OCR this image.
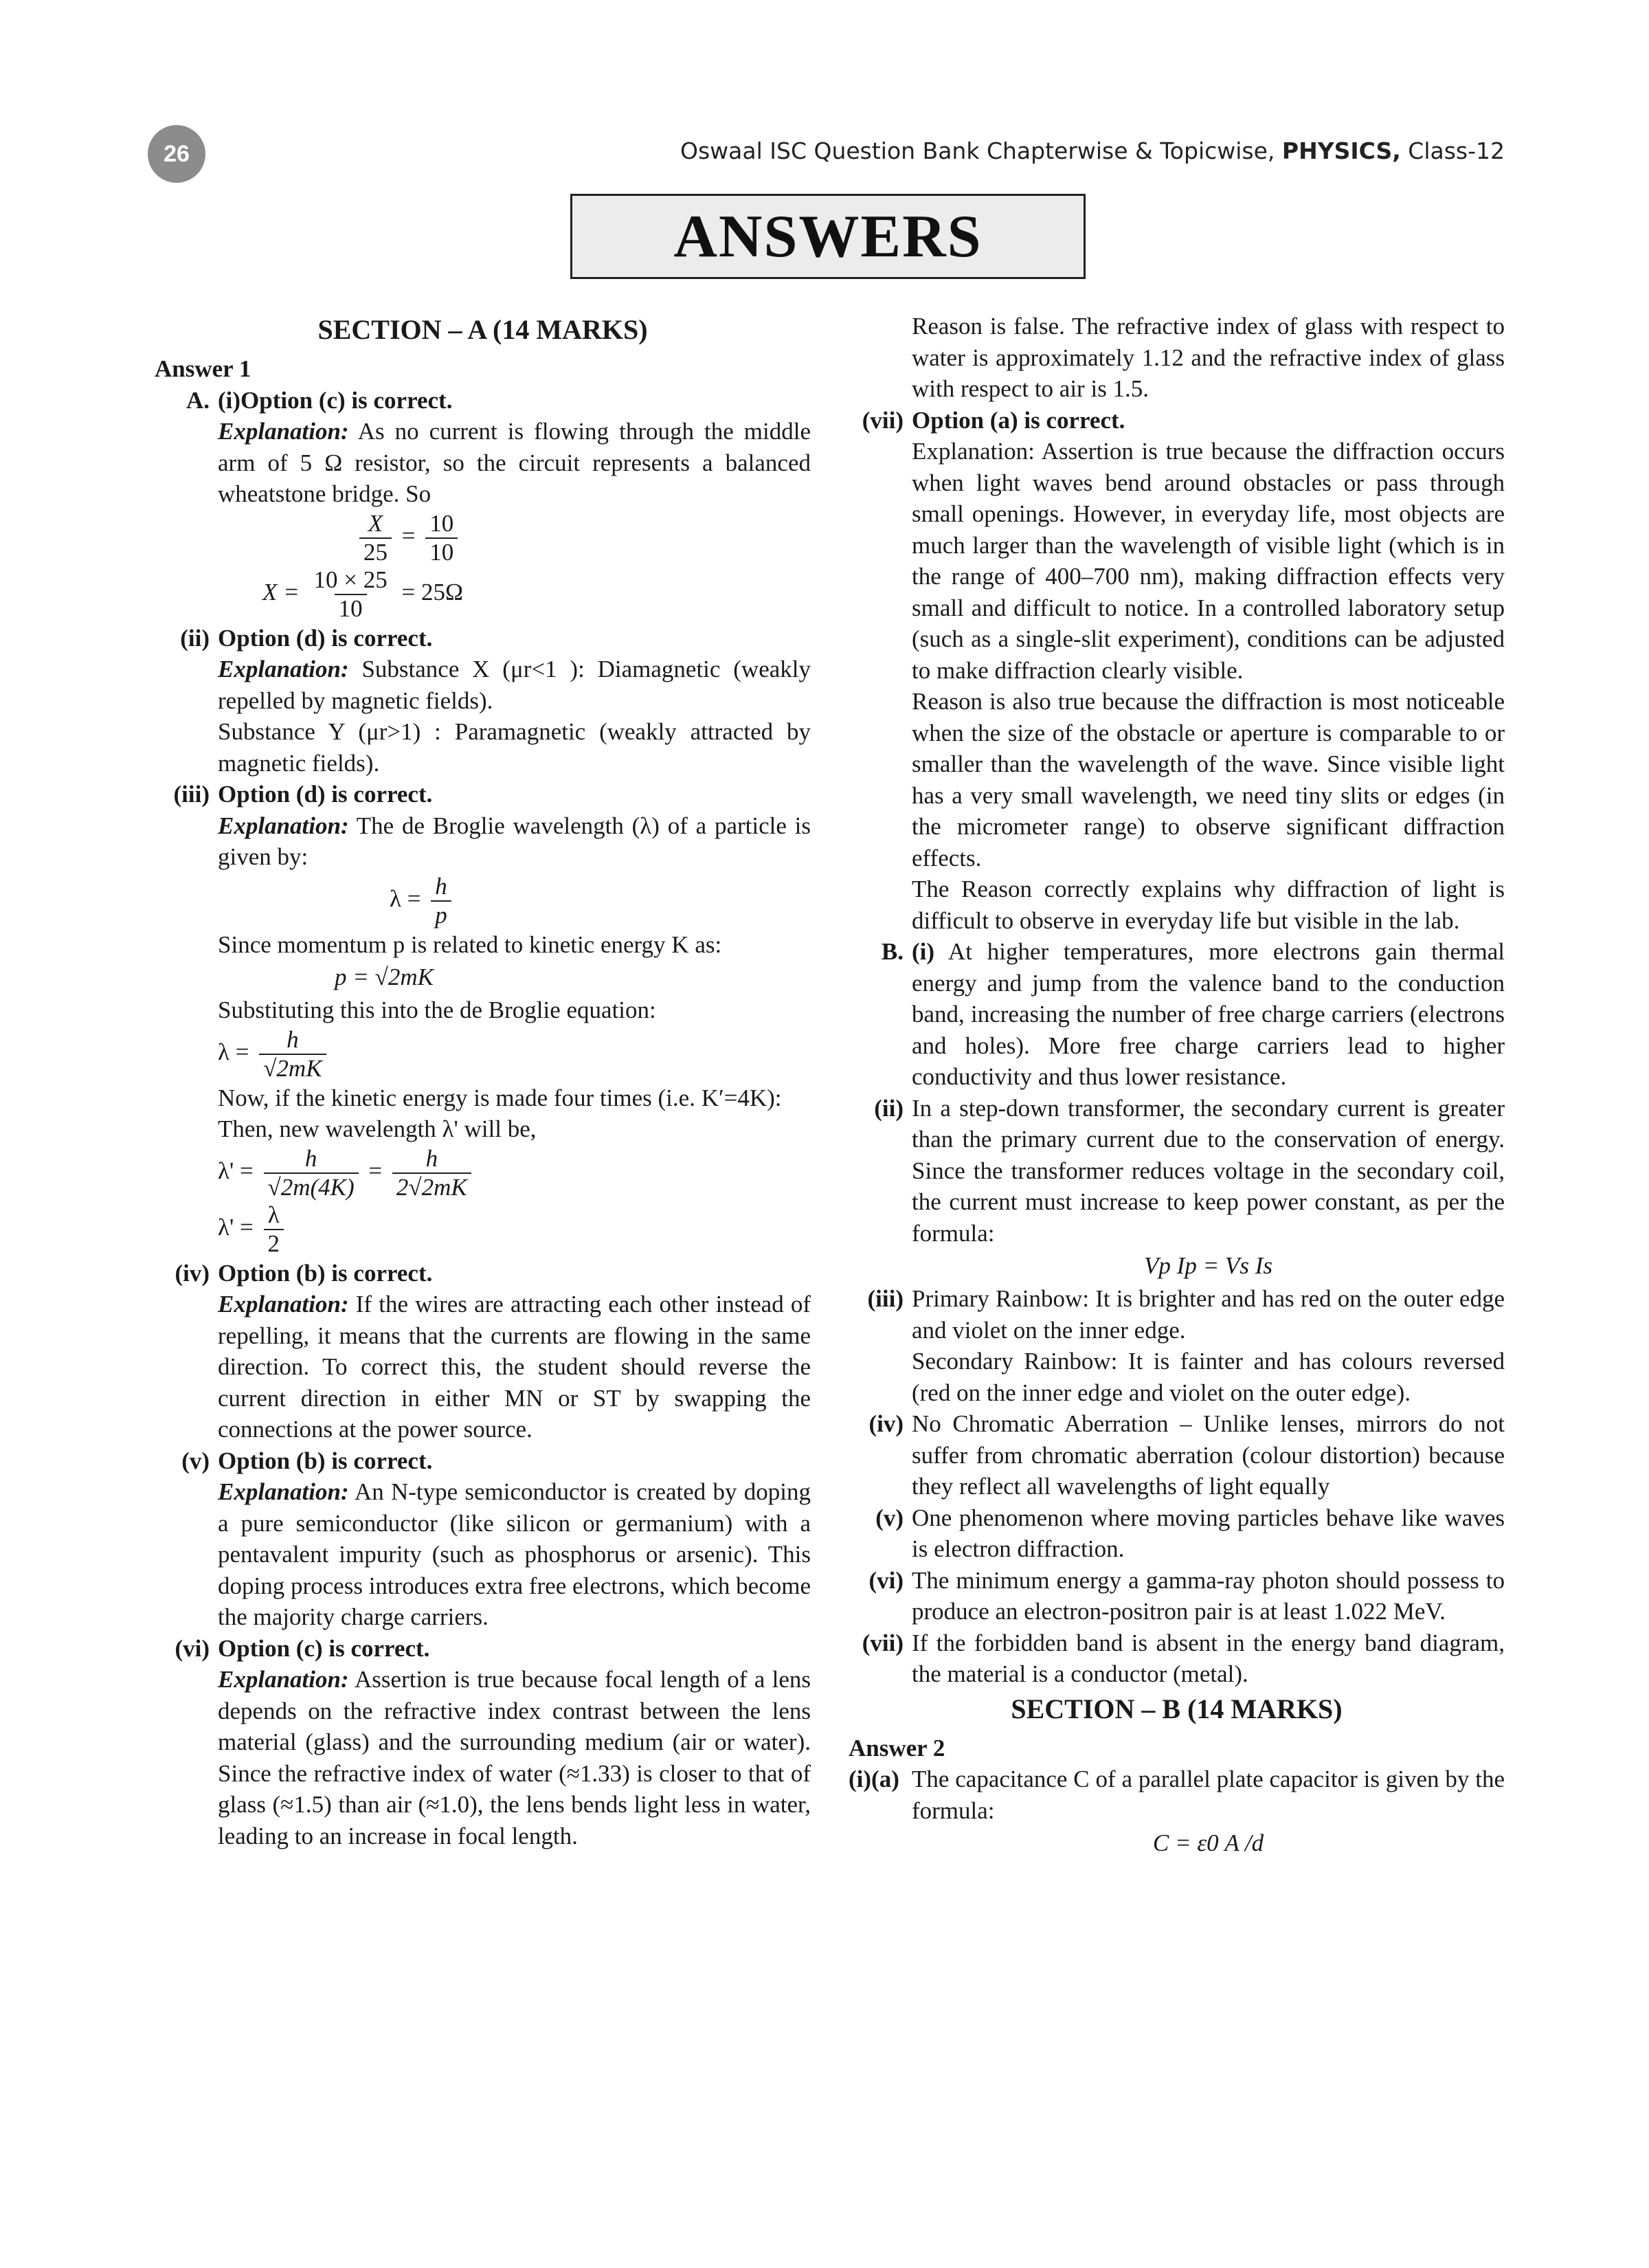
26	Oswaal ISC Question Bank Chapterwise & Topicwise, PHYSICS, Class-12
ANSWERS
SECTION – A (14 MARKS)
Answer 1
A. (i)Option (c) is correct.
Explanation: As no current is flowing through the middle arm of 5 Ω resistor, so the circuit represents a balanced wheatstone bridge. So
$\frac{X}{25} = \frac{10}{10}$
$X = \frac{10 \times 25}{10} = 25\Omega$
(ii) Option (d) is correct.
Explanation: Substance X (μr<1 ): Diamagnetic (weakly repelled by magnetic fields).
Substance Y (μr>1) : Paramagnetic (weakly attracted by magnetic fields).
(iii) Option (d) is correct.
Explanation: The de Broglie wavelength (λ) of a particle is given by:
$\lambda = \frac{h}{p}$
Since momentum p is related to kinetic energy K as:
p = √2mK
Substituting this into the de Broglie equation:
$\lambda = \frac{h}{√2mK}$
Now, if the kinetic energy is made four times (i.e. K′=4K):
Then, new wavelength λ' will be,
$\lambda' = \frac{h}{√2m(4K)} = \frac{h}{2√2mK}$
$\lambda' = \frac{\lambda}{2}$
(iv) Option (b) is correct.
Explanation: If the wires are attracting each other instead of repelling, it means that the currents are flowing in the same direction. To correct this, the student should reverse the current direction in either MN or ST by swapping the connections at the power source.
(v) Option (b) is correct.
Explanation: An N-type semiconductor is created by doping a pure semiconductor (like silicon or germanium) with a pentavalent impurity (such as phosphorus or arsenic). This doping process introduces extra free electrons, which become the majority charge carriers.
(vi) Option (c) is correct.
Explanation: Assertion is true because focal length of a lens depends on the refractive index contrast between the lens material (glass) and the surrounding medium (air or water). Since the refractive index of water (≈1.33) is closer to that of glass (≈1.5) than air (≈1.0), the lens bends light less in water, leading to an increase in focal length.
Reason is false. The refractive index of glass with respect to water is approximately 1.12 and the refractive index of glass with respect to air is 1.5.
(vii) Option (a) is correct.
Explanation: Assertion is true because the diffraction occurs when light waves bend around obstacles or pass through small openings. However, in everyday life, most objects are much larger than the wavelength of visible light (which is in the range of 400–700 nm), making diffraction effects very small and difficult to notice. In a controlled laboratory setup (such as a single-slit experiment), conditions can be adjusted to make diffraction clearly visible.
Reason is also true because the diffraction is most noticeable when the size of the obstacle or aperture is comparable to or smaller than the wavelength of the wave. Since visible light has a very small wavelength, we need tiny slits or edges (in the micrometer range) to observe significant diffraction effects.
The Reason correctly explains why diffraction of light is difficult to observe in everyday life but visible in the lab.
B. (i) At higher temperatures, more electrons gain thermal energy and jump from the valence band to the conduction band, increasing the number of free charge carriers (electrons and holes). More free charge carriers lead to higher conductivity and thus lower resistance.
(ii) In a step-down transformer, the secondary current is greater than the primary current due to the conservation of energy. Since the transformer reduces voltage in the secondary coil, the current must increase to keep power constant, as per the formula:
Vp Ip = Vs Is
(iii) Primary Rainbow: It is brighter and has red on the outer edge and violet on the inner edge.
Secondary Rainbow: It is fainter and has colours reversed (red on the inner edge and violet on the outer edge).
(iv) No Chromatic Aberration – Unlike lenses, mirrors do not suffer from chromatic aberration (colour distortion) because they reflect all wavelengths of light equally
(v) One phenomenon where moving particles behave like waves is electron diffraction.
(vi) The minimum energy a gamma-ray photon should possess to produce an electron-positron pair is at least 1.022 MeV.
(vii) If the forbidden band is absent in the energy band diagram, the material is a conductor (metal).
SECTION – B (14 MARKS)
Answer 2
(i)(a) The capacitance C of a parallel plate capacitor is given by the formula:
C = ε0 A /d
